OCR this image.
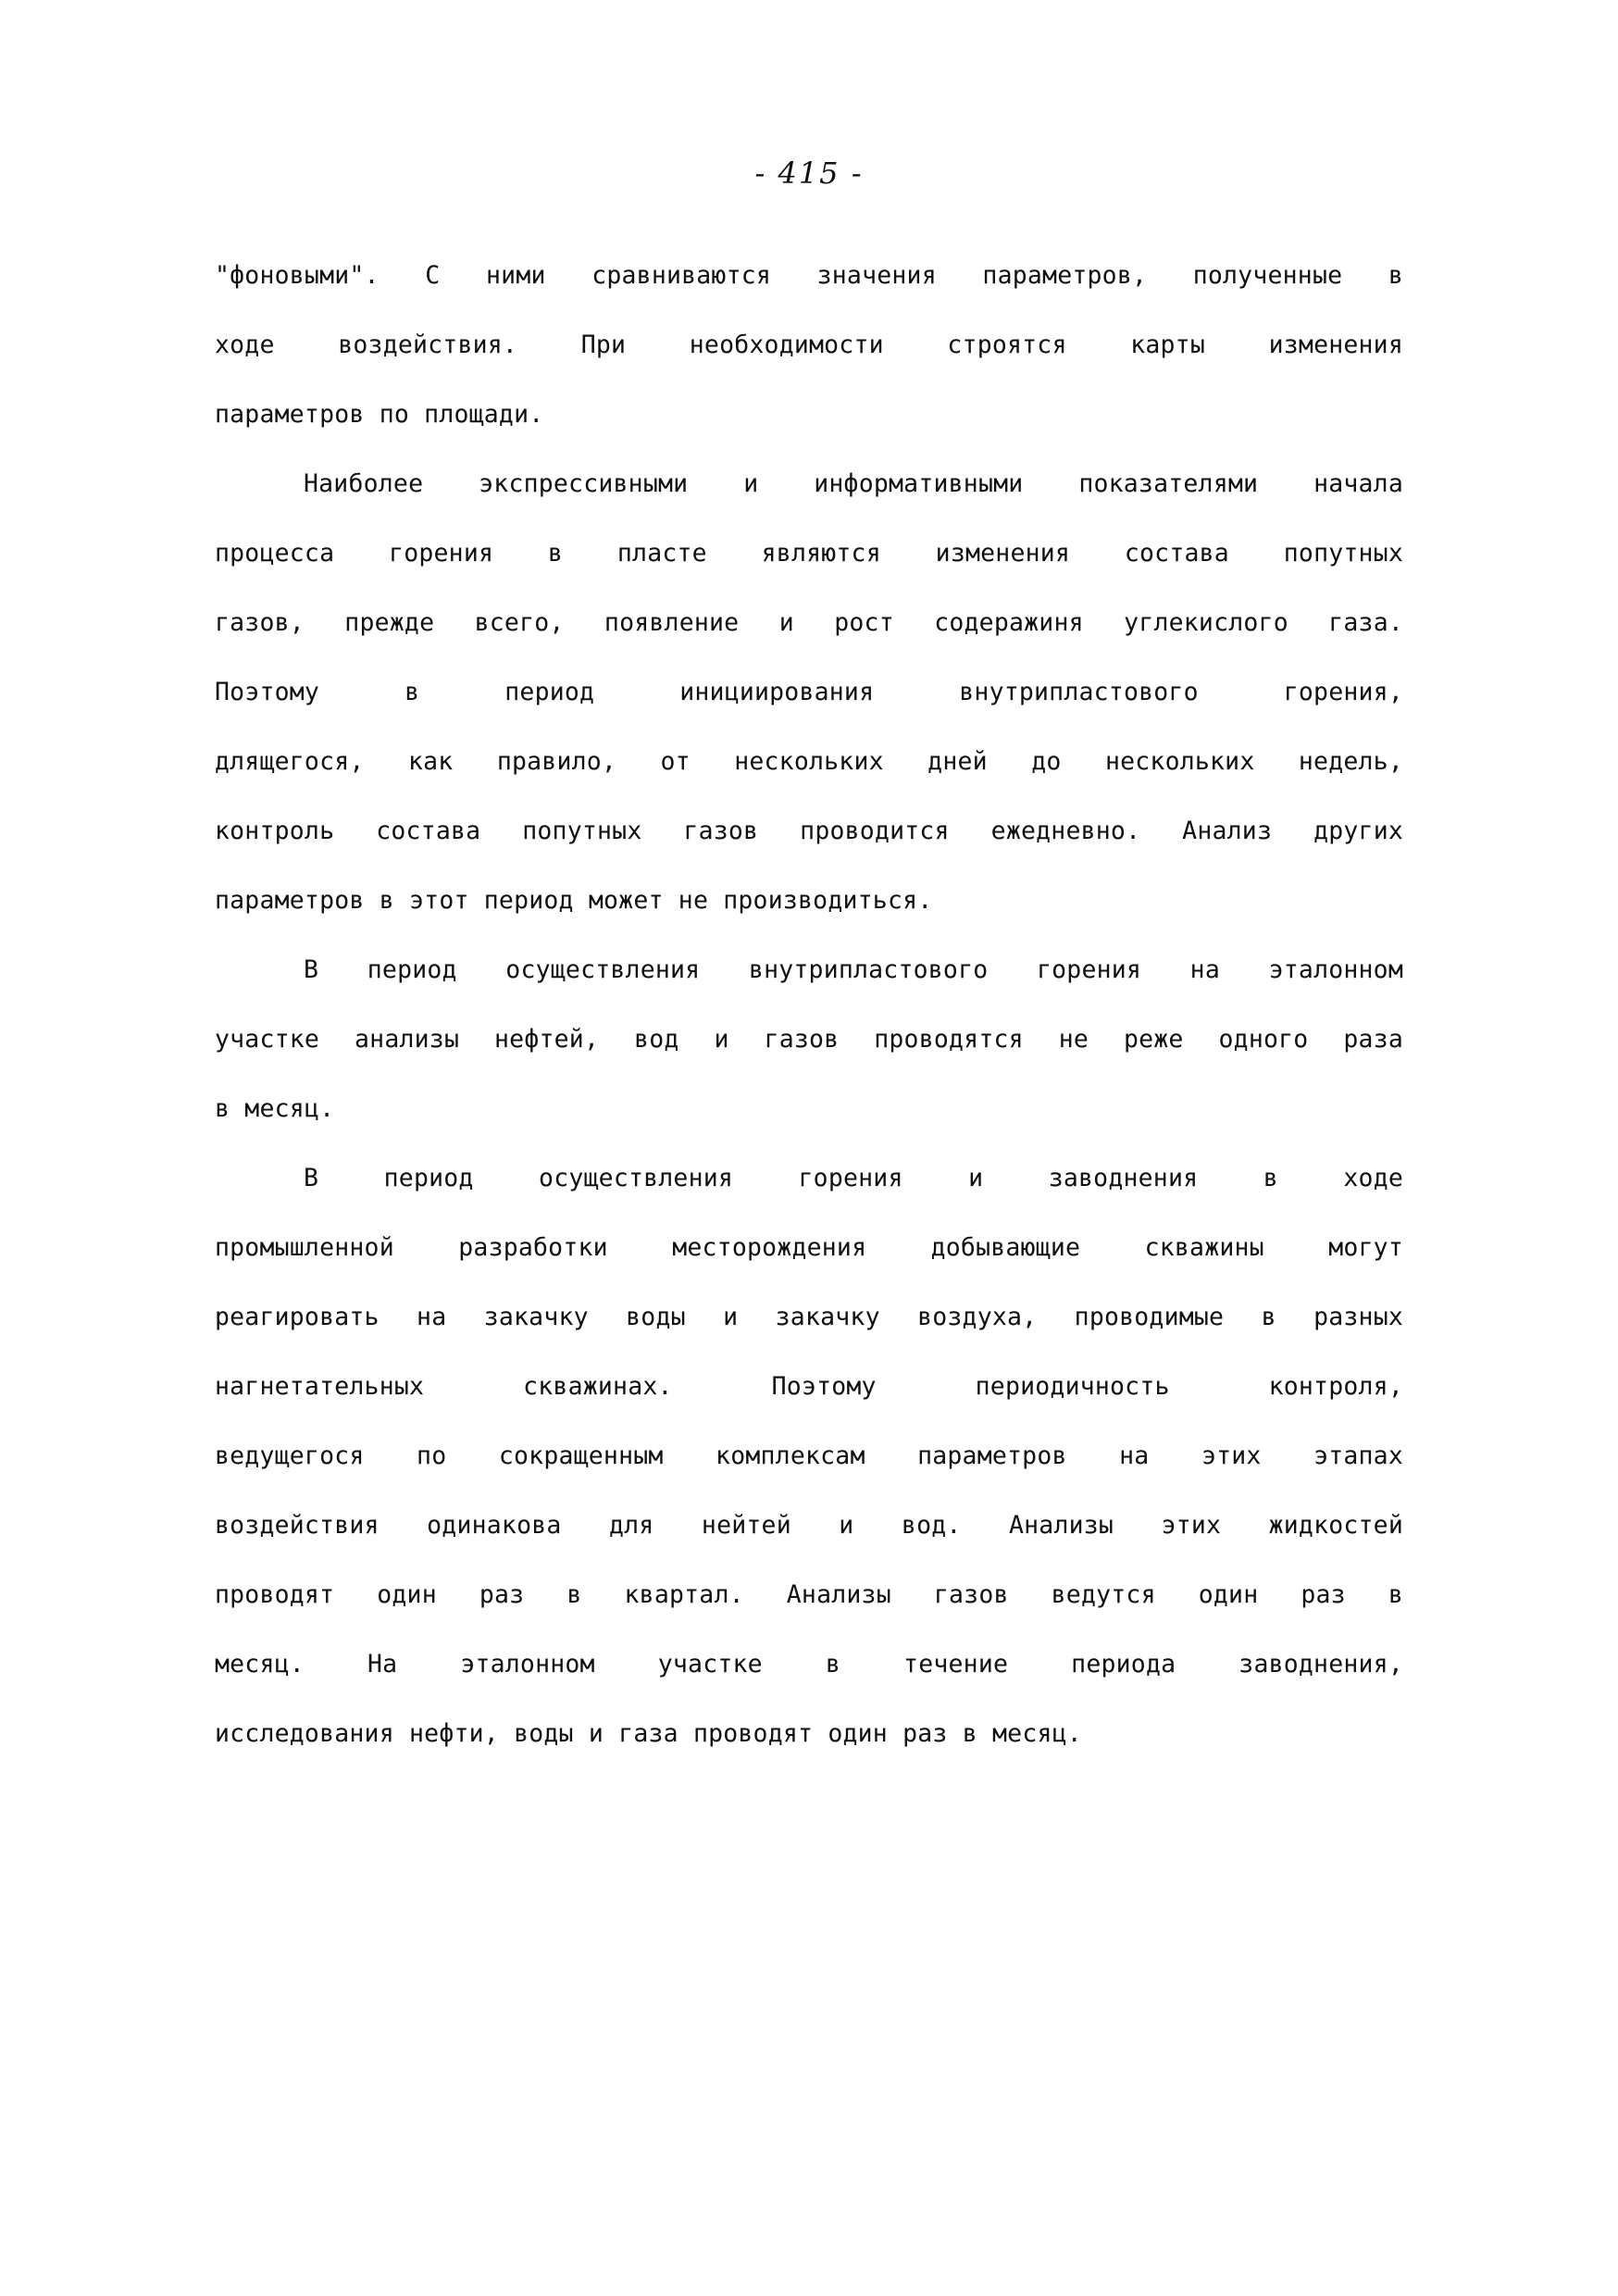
- 415 -
"фоновыми". С ними сравниваются значения параметров, полученные в
ходе воздействия. При необходимости строятся карты изменения
параметров по площади.
Наиболее экспрессивными и информативными показателями начала
процесса горения в пласте являются изменения состава попутных
газов, прежде всего, появление и рост содеражиня углекислого газа.
Поэтому в период инициирования внутрипластового горения,
длящегося, как правило, от нескольких дней до нескольких недель,
контроль состава попутных газов проводится ежедневно. Анализ других
параметров в этот период может не производиться.
В период осуществления внутрипластового горения на эталонном
участке анализы нефтей, вод и газов проводятся не реже одного раза
в месяц.
В период осуществления горения и заводнения в ходе
промышленной разработки месторождения добывающие скважины могут
реагировать на закачку воды и закачку воздуха, проводимые в разных
нагнетательных скважинах. Поэтому периодичность контроля,
ведущегося по сокращенным комплексам параметров на этих этапах
воздействия одинакова для нейтей и вод. Анализы этих жидкостей
проводят один раз в квартал. Анализы газов ведутся один раз в
месяц. На эталонном участке в течение периода заводнения,
исследования нефти, воды и газа проводят один раз в месяц.
